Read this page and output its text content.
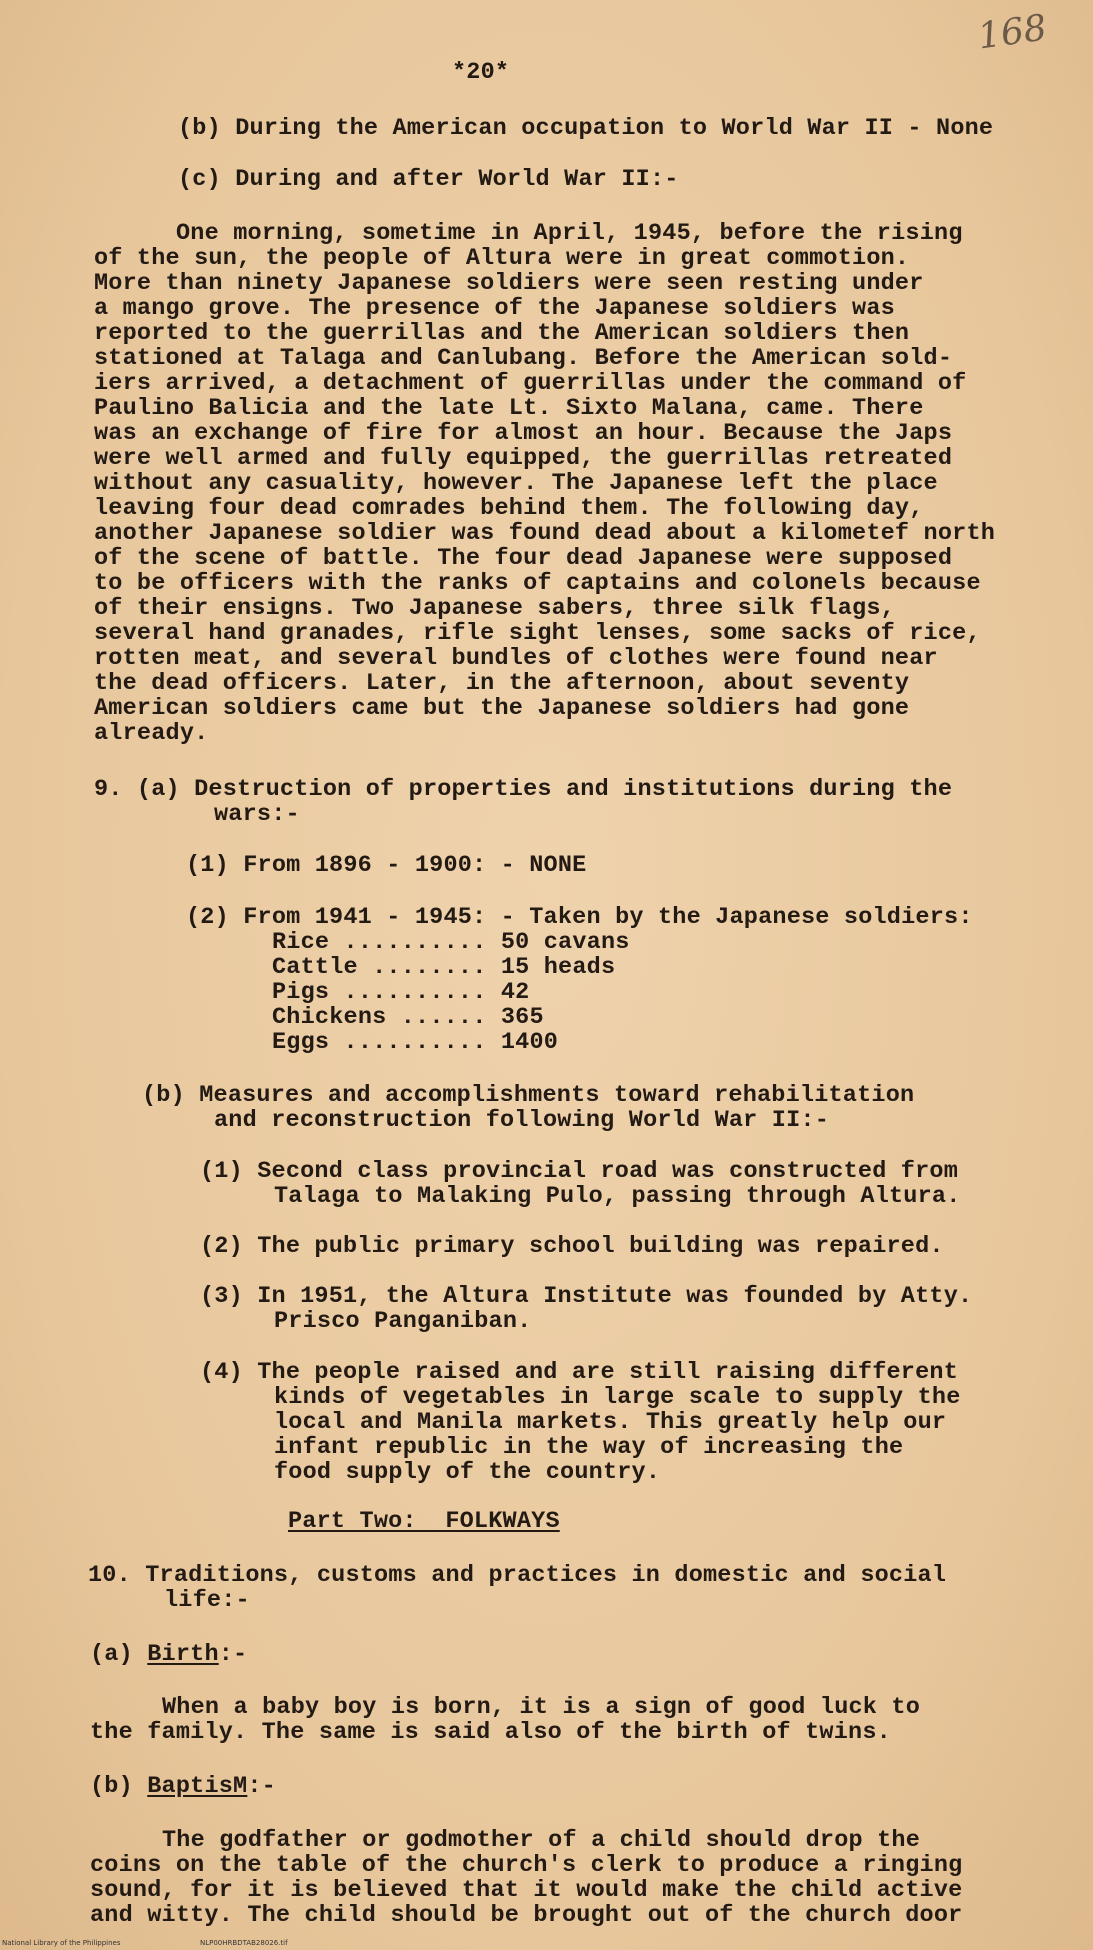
168
*20*
(b) During the American occupation to World War II - None
(c) During and after World War II:-
One morning, sometime in April, 1945, before the rising
of the sun, the people of Altura were in great commotion.
More than ninety Japanese soldiers were seen resting under
a mango grove. The presence of the Japanese soldiers was
reported to the guerrillas and the American soldiers then
stationed at Talaga and Canlubang. Before the American sold-
iers arrived, a detachment of guerrillas under the command of
Paulino Balicia and the late Lt. Sixto Malana, came. There
was an exchange of fire for almost an hour. Because the Japs
were well armed and fully equipped, the guerrillas retreated
without any casuality, however. The Japanese left the place
leaving four dead comrades behind them. The following day,
another Japanese soldier was found dead about a kilometef north
of the scene of battle. The four dead Japanese were supposed
to be officers with the ranks of captains and colonels because
of their ensigns. Two Japanese sabers, three silk flags,
several hand granades, rifle sight lenses, some sacks of rice,
rotten meat, and several bundles of clothes were found near
the dead officers. Later, in the afternoon, about seventy
American soldiers came but the Japanese soldiers had gone
already.
9. (a) Destruction of properties and institutions during the
wars:-
(1) From 1896 - 1900: - NONE
(2) From 1941 - 1945: - Taken by the Japanese soldiers:
Rice .......... 50 cavans
Cattle ........ 15 heads
Pigs .......... 42
Chickens ...... 365
Eggs .......... 1400
(b) Measures and accomplishments toward rehabilitation
and reconstruction following World War II:-
(1) Second class provincial road was constructed from
Talaga to Malaking Pulo, passing through Altura.
(2) The public primary school building was repaired.
(3) In 1951, the Altura Institute was founded by Atty.
Prisco Panganiban.
(4) The people raised and are still raising different
kinds of vegetables in large scale to supply the
local and Manila markets. This greatly help our
infant republic in the way of increasing the
food supply of the country.
Part Two:  FOLKWAYS
10. Traditions, customs and practices in domestic and social
life:-
(a) Birth:-
When a baby boy is born, it is a sign of good luck to
the family. The same is said also of the birth of twins.
(b) BaptisM:-
The godfather or godmother of a child should drop the
coins on the table of the church's clerk to produce a ringing
sound, for it is believed that it would make the child active
and witty. The child should be brought out of the church door
National Library of the Philippines	NLP00HRBDTAB28026.tif
